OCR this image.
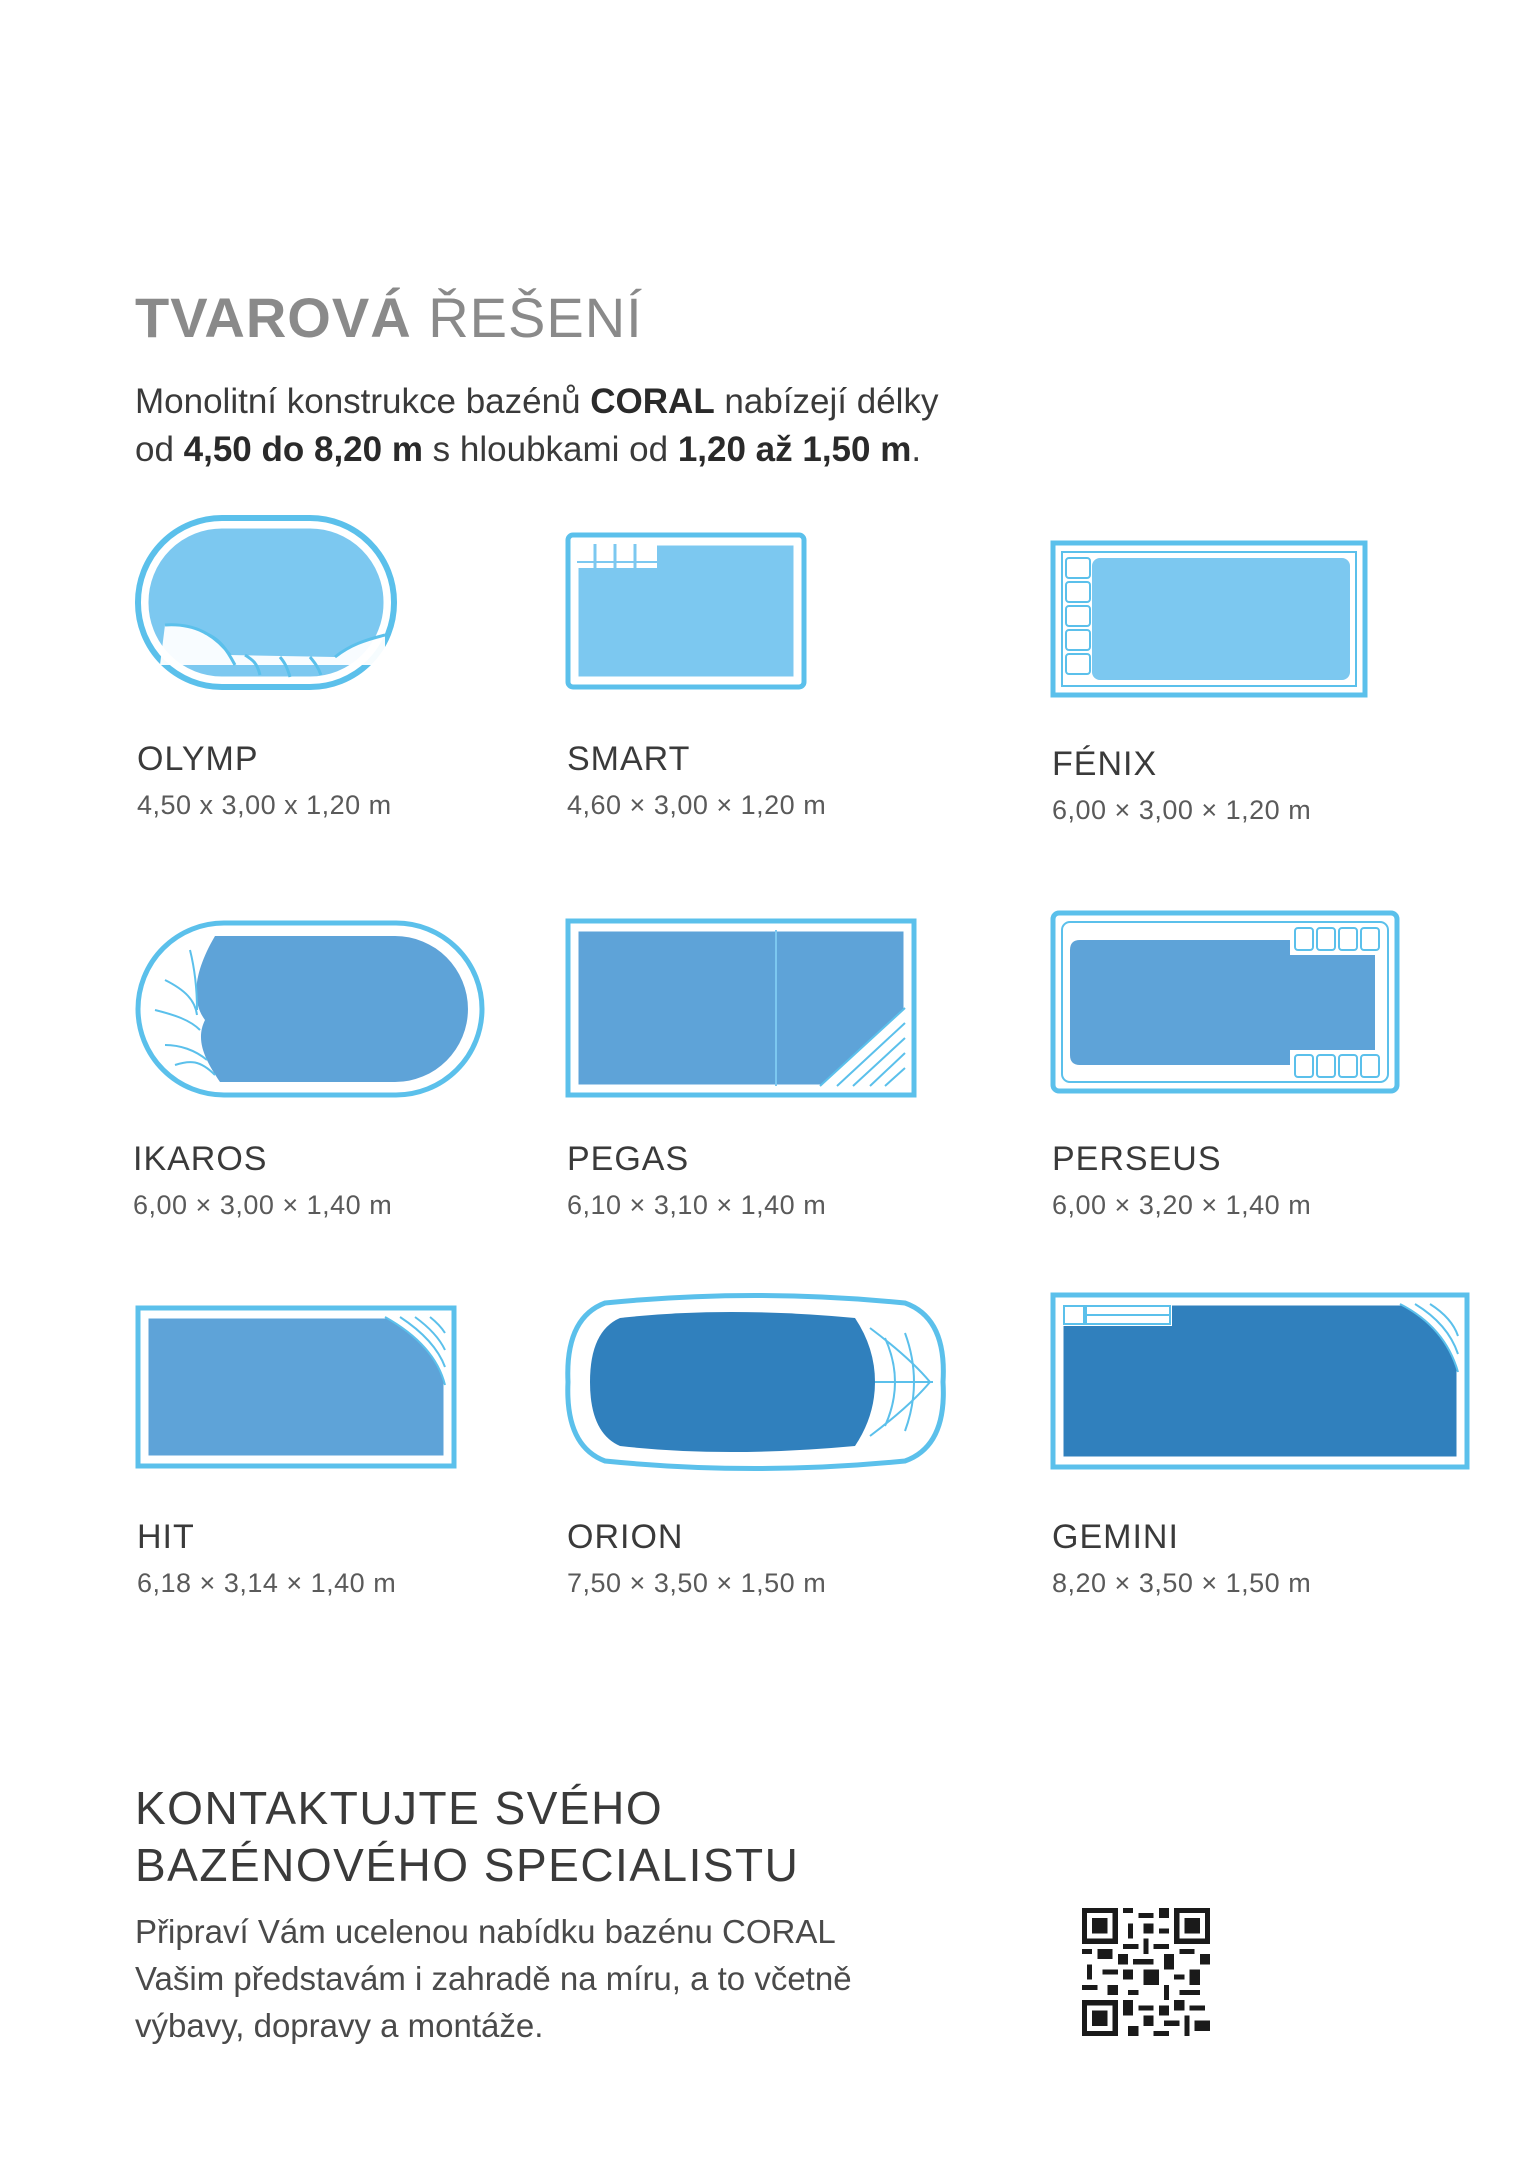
TVAROVÁ ŘEŠENÍ
Monolitní konstrukce bazénů CORAL nabízejí délky
od 4,50 do 8,20 m s hloubkami od 1,20 až 1,50 m.
OLYMP
4,50 x 3,00 x 1,20 m
SMART
4,60 × 3,00 × 1,20 m
FÉNIX
6,00 × 3,00 × 1,20 m
IKAROS
6,00 × 3,00 × 1,40 m
PEGAS
6,10 × 3,10 × 1,40 m
PERSEUS
6,00 × 3,20 × 1,40 m
HIT
6,18 × 3,14 × 1,40 m
ORION
7,50 × 3,50 × 1,50 m
GEMINI
8,20 × 3,50 × 1,50 m
KONTAKTUJTE SVÉHO
BAZÉNOVÉHO SPECIALISTU
Připraví Vám ucelenou nabídku bazénu CORAL
Vašim představám i zahradě na míru, a to včetně
výbavy, dopravy a montáže.
